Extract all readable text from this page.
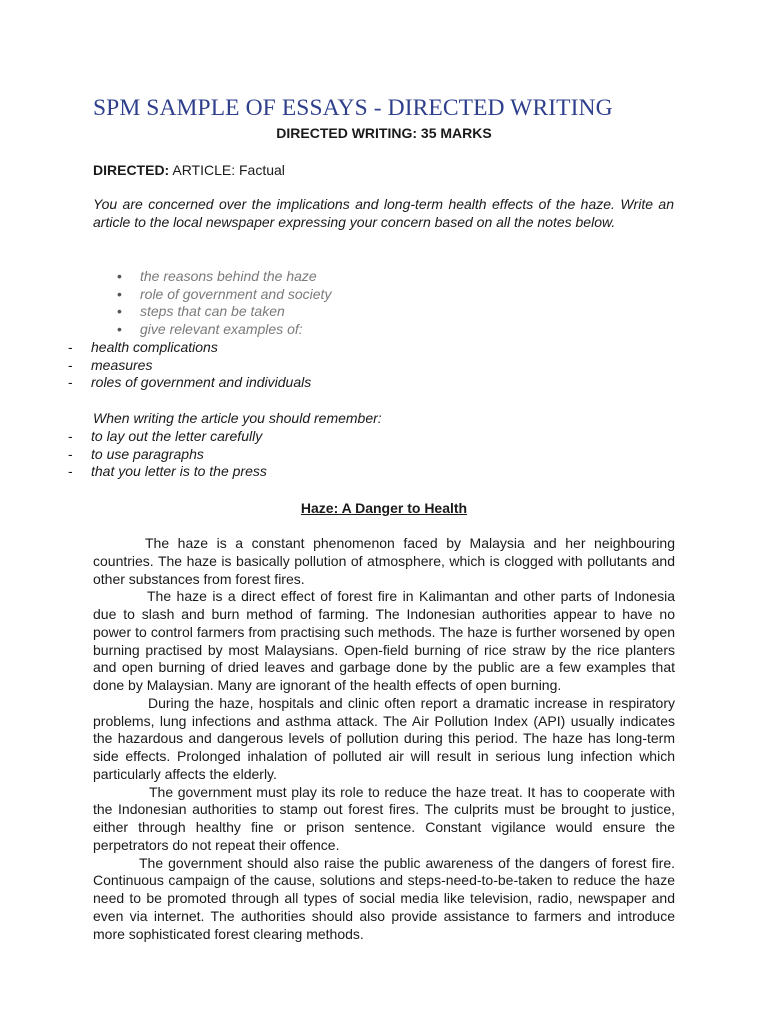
SPM SAMPLE OF ESSAYS - DIRECTED WRITING
DIRECTED WRITING: 35 MARKS
DIRECTED: ARTICLE: Factual
You are concerned over the implications and long-term health effects of the haze. Write an article to the local newspaper expressing your concern based on all the notes below.
• the reasons behind the haze
• role of government and society
• steps that can be taken
• give relevant examples of:
- health complications
- measures
- roles of government and individuals
When writing the article you should remember:
- to lay out the letter carefully
- to use paragraphs
- that you letter is to the press
Haze: A Danger to Health

The haze is a constant phenomenon faced by Malaysia and her neighbouring countries. The haze is basically pollution of atmosphere, which is clogged with pollutants and other substances from forest fires.

The haze is a direct effect of forest fire in Kalimantan and other parts of Indonesia due to slash and burn method of farming. The Indonesian authorities appear to have no power to control farmers from practising such methods. The haze is further worsened by open burning practised by most Malaysians. Open-field burning of rice straw by the rice planters and open burning of dried leaves and garbage done by the public are a few examples that done by Malaysian. Many are ignorant of the health effects of open burning.

During the haze, hospitals and clinic often report a dramatic increase in respiratory problems, lung infections and asthma attack. The Air Pollution Index (API) usually indicates the hazardous and dangerous levels of pollution during this period. The haze has long-term side effects. Prolonged inhalation of polluted air will result in serious lung infection which particularly affects the elderly.

The government must play its role to reduce the haze treat. It has to cooperate with the Indonesian authorities to stamp out forest fires. The culprits must be brought to justice, either through healthy fine or prison sentence. Constant vigilance would ensure the perpetrators do not repeat their offence.

The government should also raise the public awareness of the dangers of forest fire. Continuous campaign of the cause, solutions and steps-need-to-be-taken to reduce the haze need to be promoted through all types of social media like television, radio, newspaper and even via internet. The authorities should also provide assistance to farmers and introduce more sophisticated forest clearing methods.
